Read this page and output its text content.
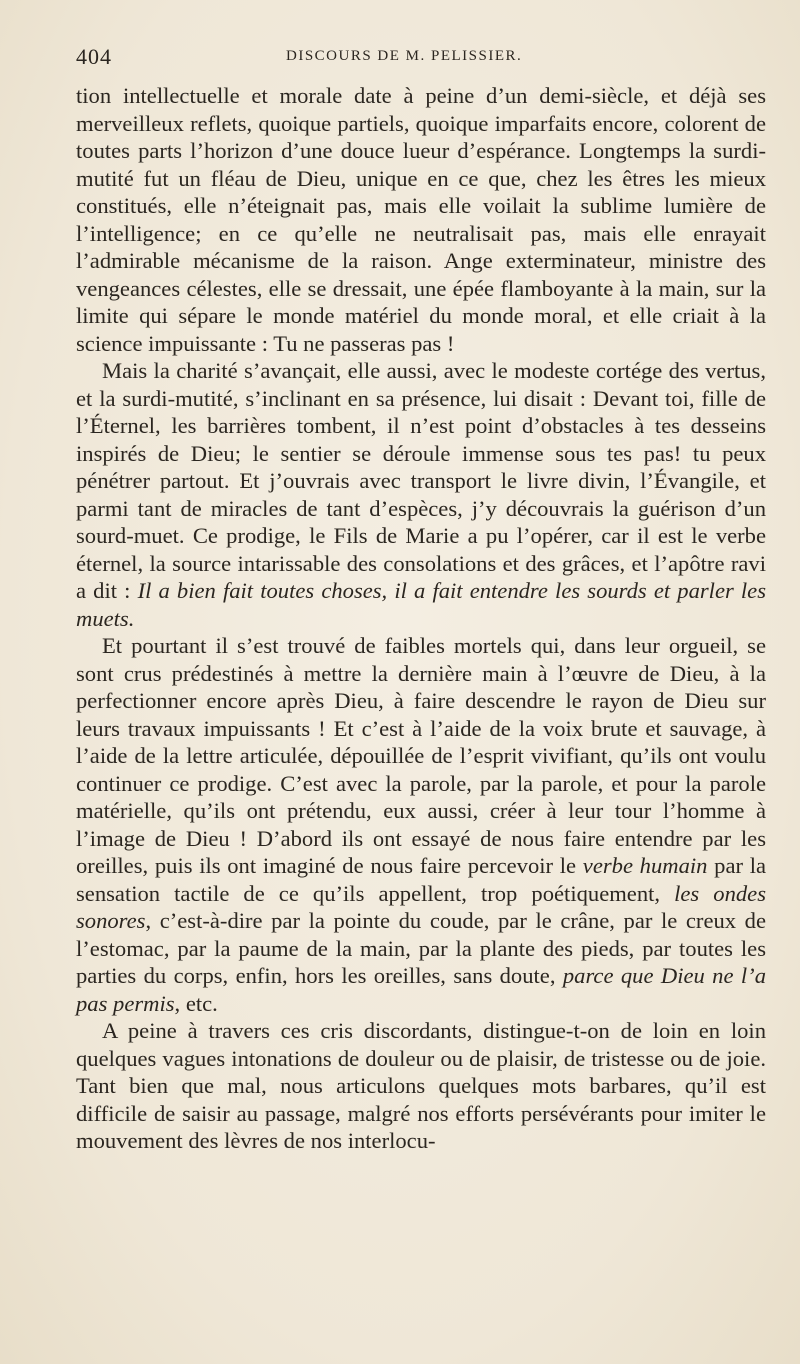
404	DISCOURS DE M. PELISSIER.

tion intellectuelle et morale date à peine d’un demi-siècle, et déjà ses merveilleux reflets, quoique partiels, quoique imparfaits encore, colorent de toutes parts l’horizon d’une douce lueur d’espérance. Longtemps la surdi-mutité fut un fléau de Dieu, unique en ce que, chez les êtres les mieux constitués, elle n’éteignait pas, mais elle voilait la sublime lumière de l’intelligence; en ce qu’elle ne neutralisait pas, mais elle enrayait l’admirable mécanisme de la raison. Ange exterminateur, ministre des vengeances célestes, elle se dressait, une épée flamboyante à la main, sur la limite qui sépare le monde matériel du monde moral, et elle criait à la science impuissante : Tu ne passeras pas !

Mais la charité s’avançait, elle aussi, avec le modeste cortége des vertus, et la surdi-mutité, s’inclinant en sa présence, lui disait : Devant toi, fille de l’Éternel, les barrières tombent, il n’est point d’obstacles à tes desseins inspirés de Dieu; le sentier se déroule immense sous tes pas! tu peux pénétrer partout. Et j’ouvrais avec transport le livre divin, l’Évangile, et parmi tant de miracles de tant d’espèces, j’y découvrais la guérison d’un sourd-muet. Ce prodige, le Fils de Marie a pu l’opérer, car il est le verbe éternel, la source intarissable des consolations et des grâces, et l’apôtre ravi a dit : Il a bien fait toutes choses, il a fait entendre les sourds et parler les muets.

Et pourtant il s’est trouvé de faibles mortels qui, dans leur orgueil, se sont crus prédestinés à mettre la dernière main à l’œuvre de Dieu, à la perfectionner encore après Dieu, à faire descendre le rayon de Dieu sur leurs travaux impuissants ! Et c’est à l’aide de la voix brute et sauvage, à l’aide de la lettre articulée, dépouillée de l’esprit vivifiant, qu’ils ont voulu continuer ce prodige. C’est avec la parole, par la parole, et pour la parole matérielle, qu’ils ont prétendu, eux aussi, créer à leur tour l’homme à l’image de Dieu ! D’abord ils ont essayé de nous faire entendre par les oreilles, puis ils ont imaginé de nous faire percevoir le verbe humain par la sensation tactile de ce qu’ils appellent, trop poétiquement, les ondes sonores, c’est-à-dire par la pointe du coude, par le crâne, par le creux de l’estomac, par la paume de la main, par la plante des pieds, par toutes les parties du corps, enfin, hors les oreilles, sans doute, parce que Dieu ne l’a pas permis, etc.

A peine à travers ces cris discordants, distingue-t-on de loin en loin quelques vagues intonations de douleur ou de plaisir, de tristesse ou de joie. Tant bien que mal, nous articulons quelques mots barbares, qu’il est difficile de saisir au passage, malgré nos efforts persévérants pour imiter le mouvement des lèvres de nos interlocu-
